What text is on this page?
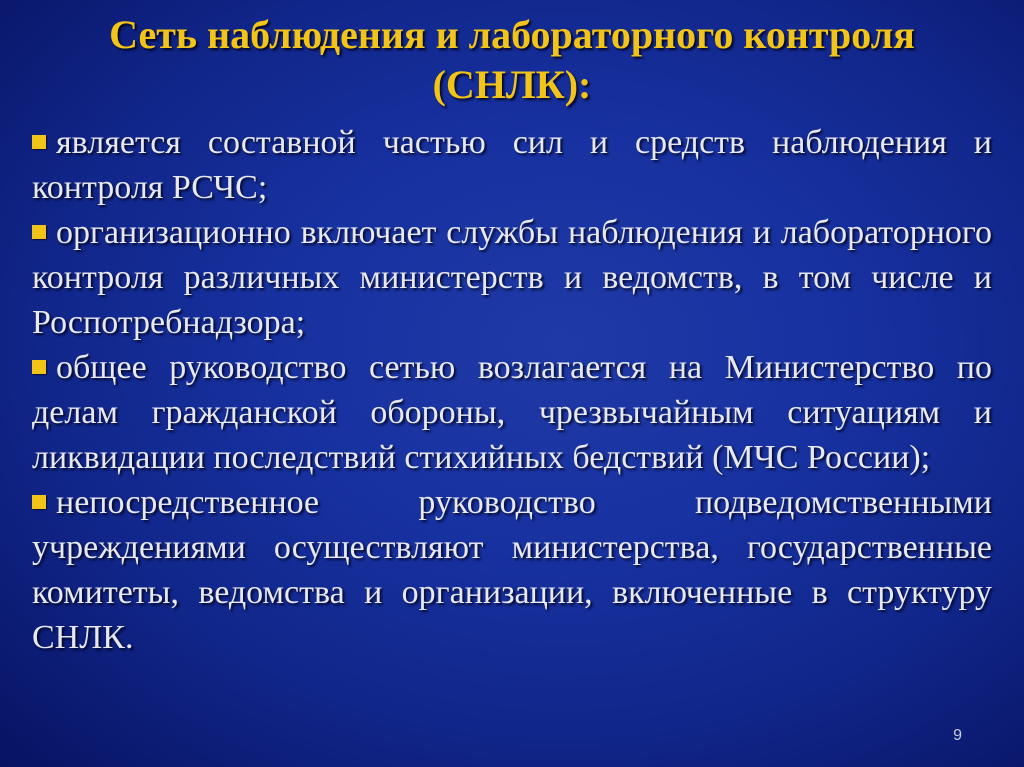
Сеть наблюдения и лабораторного контроля
(СНЛК):

является составной частью сил и средств наблюдения и контроля РСЧС;

организационно включает службы наблюдения и лабораторного контроля различных министерств и ведомств, в том числе и Роспотребнадзора;

общее руководство сетью возлагается на Министерство по делам гражданской обороны, чрезвычайным ситуациям и ликвидации последствий стихийных бедствий (МЧС России);

непосредственное руководство подведомственными учреждениями осуществляют министерства, государственные комитеты, ведомства и организации, включенные в структуру СНЛК.

9
